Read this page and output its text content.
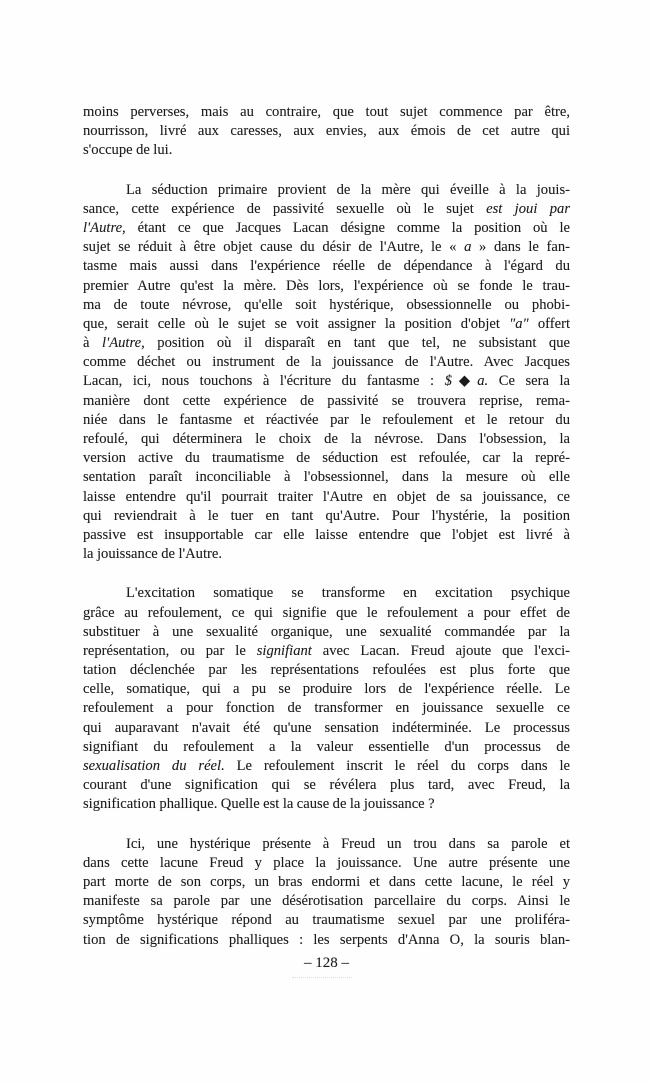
moins perverses, mais au contraire, que tout sujet commence par être,
nourrisson, livré aux caresses, aux envies, aux émois de cet autre qui
s'occupe de lui.
La séduction primaire provient de la mère qui éveille à la jouis-
sance, cette expérience de passivité sexuelle où le sujet est joui par
l'Autre, étant ce que Jacques Lacan désigne comme la position où le
sujet se réduit à être objet cause du désir de l'Autre, le « a » dans le fan-
tasme mais aussi dans l'expérience réelle de dépendance à l'égard du
premier Autre qu'est la mère. Dès lors, l'expérience où se fonde le trau-
ma de toute névrose, qu'elle soit hystérique, obsessionnelle ou phobi-
que, serait celle où le sujet se voit assigner la position d'objet "a" offert
à l'Autre, position où il disparaît en tant que tel, ne subsistant que
comme déchet ou instrument de la jouissance de l'Autre. Avec Jacques
Lacan, ici, nous touchons à l'écriture du fantasme : $◆a. Ce sera la
manière dont cette expérience de passivité se trouvera reprise, rema-
niée dans le fantasme et réactivée par le refoulement et le retour du
refoulé, qui déterminera le choix de la névrose. Dans l'obsession, la
version active du traumatisme de séduction est refoulée, car la repré-
sentation paraît inconciliable à l'obsessionnel, dans la mesure où elle
laisse entendre qu'il pourrait traiter l'Autre en objet de sa jouissance, ce
qui reviendrait à le tuer en tant qu'Autre. Pour l'hystérie, la position
passive est insupportable car elle laisse entendre que l'objet est livré à
la jouissance de l'Autre.
L'excitation somatique se transforme en excitation psychique
grâce au refoulement, ce qui signifie que le refoulement a pour effet de
substituer à une sexualité organique, une sexualité commandée par la
représentation, ou par le signifiant avec Lacan. Freud ajoute que l'exci-
tation déclenchée par les représentations refoulées est plus forte que
celle, somatique, qui a pu se produire lors de l'expérience réelle. Le
refoulement a pour fonction de transformer en jouissance sexuelle ce
qui auparavant n'avait été qu'une sensation indéterminée. Le processus
signifiant du refoulement a la valeur essentielle d'un processus de
sexualisation du réel. Le refoulement inscrit le réel du corps dans le
courant d'une signification qui se révélera plus tard, avec Freud, la
signification phallique. Quelle est la cause de la jouissance ?
Ici, une hystérique présente à Freud un trou dans sa parole et
dans cette lacune Freud y place la jouissance. Une autre présente une
part morte de son corps, un bras endormi et dans cette lacune, le réel y
manifeste sa parole par une désérotisation parcellaire du corps. Ainsi le
symptôme hystérique répond au traumatisme sexuel par une proliféra-
tion de significations phalliques : les serpents d'Anna O, la souris blan-
– 128 –
